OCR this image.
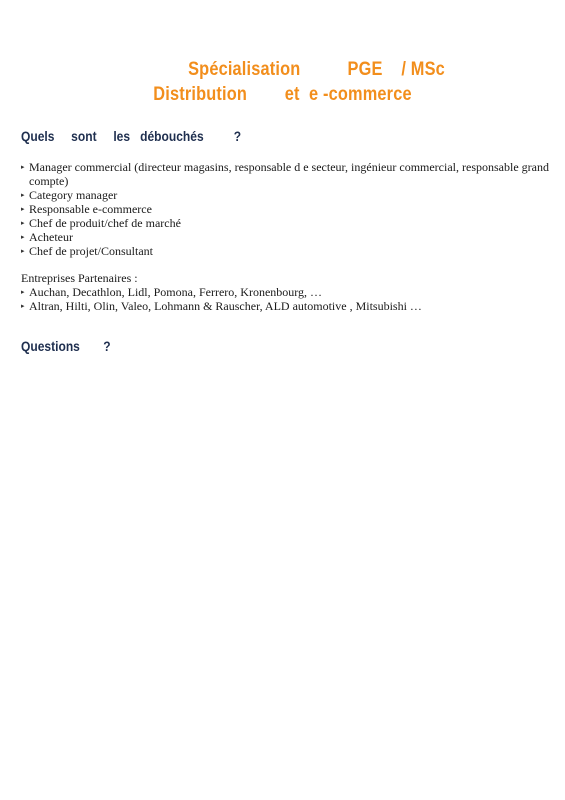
Spécialisation          PGE    / MSc
Distribution        et  e -commerce
Quels     sont     les   débouchés         ?
▸ Manager commercial (directeur magasins, responsable d e secteur, ingénieur commercial, responsable grand compte)
▸ Category manager
▸ Responsable e-commerce
▸ Chef de produit/chef de marché
▸ Acheteur
▸ Chef de projet/Consultant
Entreprises Partenaires :
▸ Auchan, Decathlon, Lidl, Pomona, Ferrero, Kronenbourg, …
▸ Altran, Hilti, Olin, Valeo, Lohmann & Rauscher, ALD automotive , Mitsubishi …
Questions       ?
